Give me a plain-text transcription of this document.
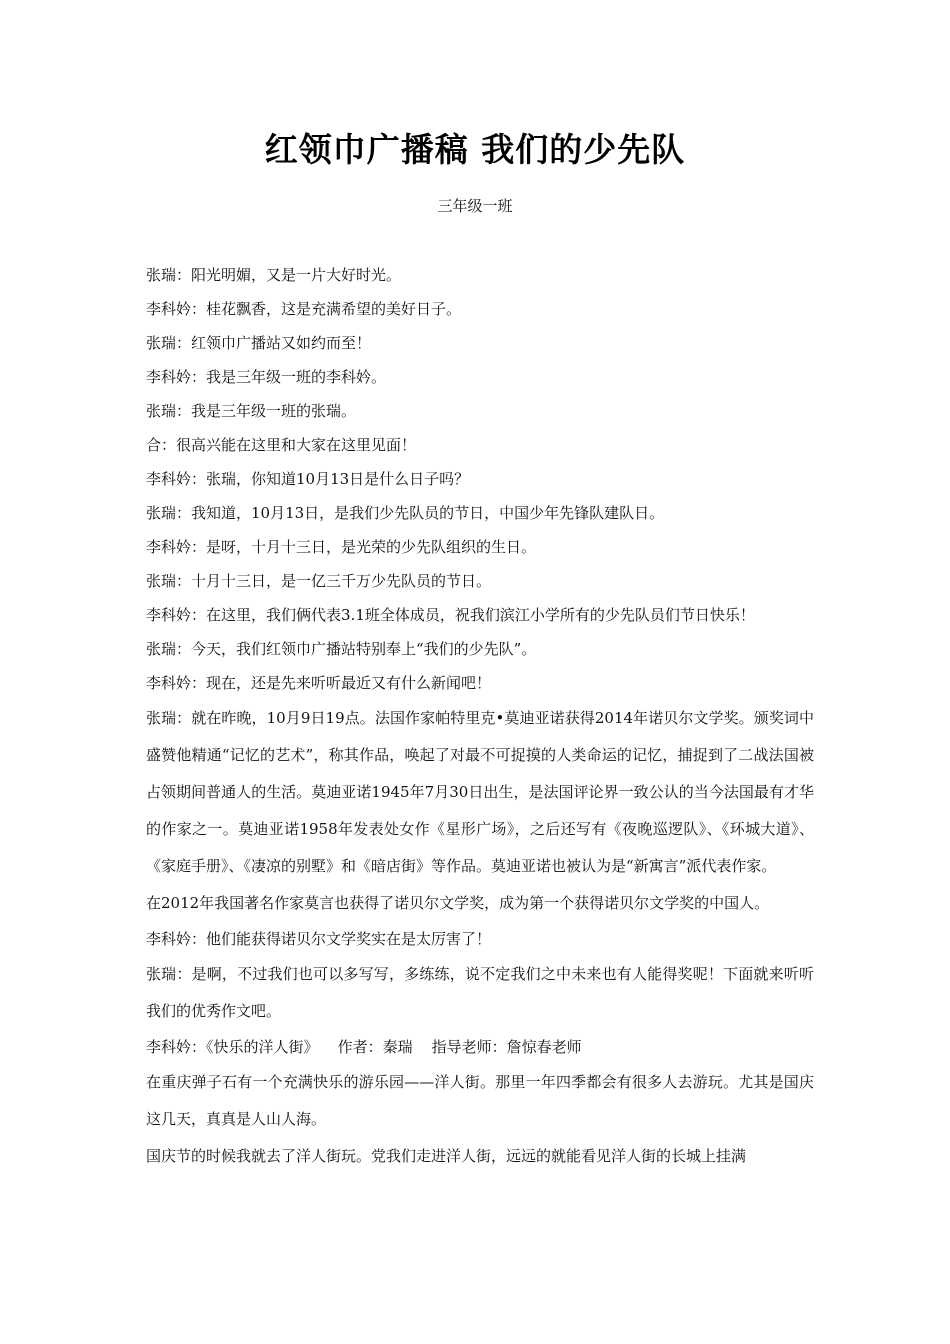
红领巾广播稿 我们的少先队
三年级一班

张瑞：阳光明媚，又是一片大好时光。

李科妗：桂花飘香，这是充满希望的美好日子。

张瑞：红领巾广播站又如约而至！

李科妗：我是三年级一班的李科妗。

张瑞：我是三年级一班的张瑞。

合：很高兴能在这里和大家在这里见面！

李科妗：张瑞，你知道10月13日是什么日子吗？

张瑞：我知道，10月13日，是我们少先队员的节日，中国少年先锋队建队日。

李科妗：是呀，十月十三日，是光荣的少先队组织的生日。

张瑞：十月十三日，是一亿三千万少先队员的节日。

李科妗：在这里，我们俩代表3.1班全体成员，祝我们滨江小学所有的少先队员们节日快乐！

张瑞：今天，我们红领巾广播站特别奉上“我们的少先队”。

李科妗：现在，还是先来听听最近又有什么新闻吧！

张瑞：就在昨晚，10月9日19点。法国作家帕特里克•莫迪亚诺获得2014年诺贝尔文学奖。颁奖词中盛赞他精通“记忆的艺术”，称其作品，唤起了对最不可捉摸的人类命运的记忆，捕捉到了二战法国被占领期间普通人的生活。莫迪亚诺1945年7月30日出生，是法国评论界一致公认的当今法国最有才华的作家之一。莫迪亚诺1958年发表处女作《星形广场》，之后还写有《夜晚巡逻队》、《环城大道》、《家庭手册》、《凄凉的别墅》和《暗店街》等作品。莫迪亚诺也被认为是“新寓言”派代表作家。

在2012年我国著名作家莫言也获得了诺贝尔文学奖，成为第一个获得诺贝尔文学奖的中国人。

李科妗：他们能获得诺贝尔文学奖实在是太厉害了！

张瑞：是啊，不过我们也可以多写写，多练练，说不定我们之中未来也有人能得奖呢！下面就来听听我们的优秀作文吧。

李科妗：《快乐的洋人街》    作者：秦瑞    指导老师：詹惊春老师

在重庆弹子石有一个充满快乐的游乐园——洋人街。那里一年四季都会有很多人去游玩。尤其是国庆这几天，真真是人山人海。

国庆节的时候我就去了洋人街玩。党我们走进洋人街，远远的就能看见洋人街的长城上挂满
